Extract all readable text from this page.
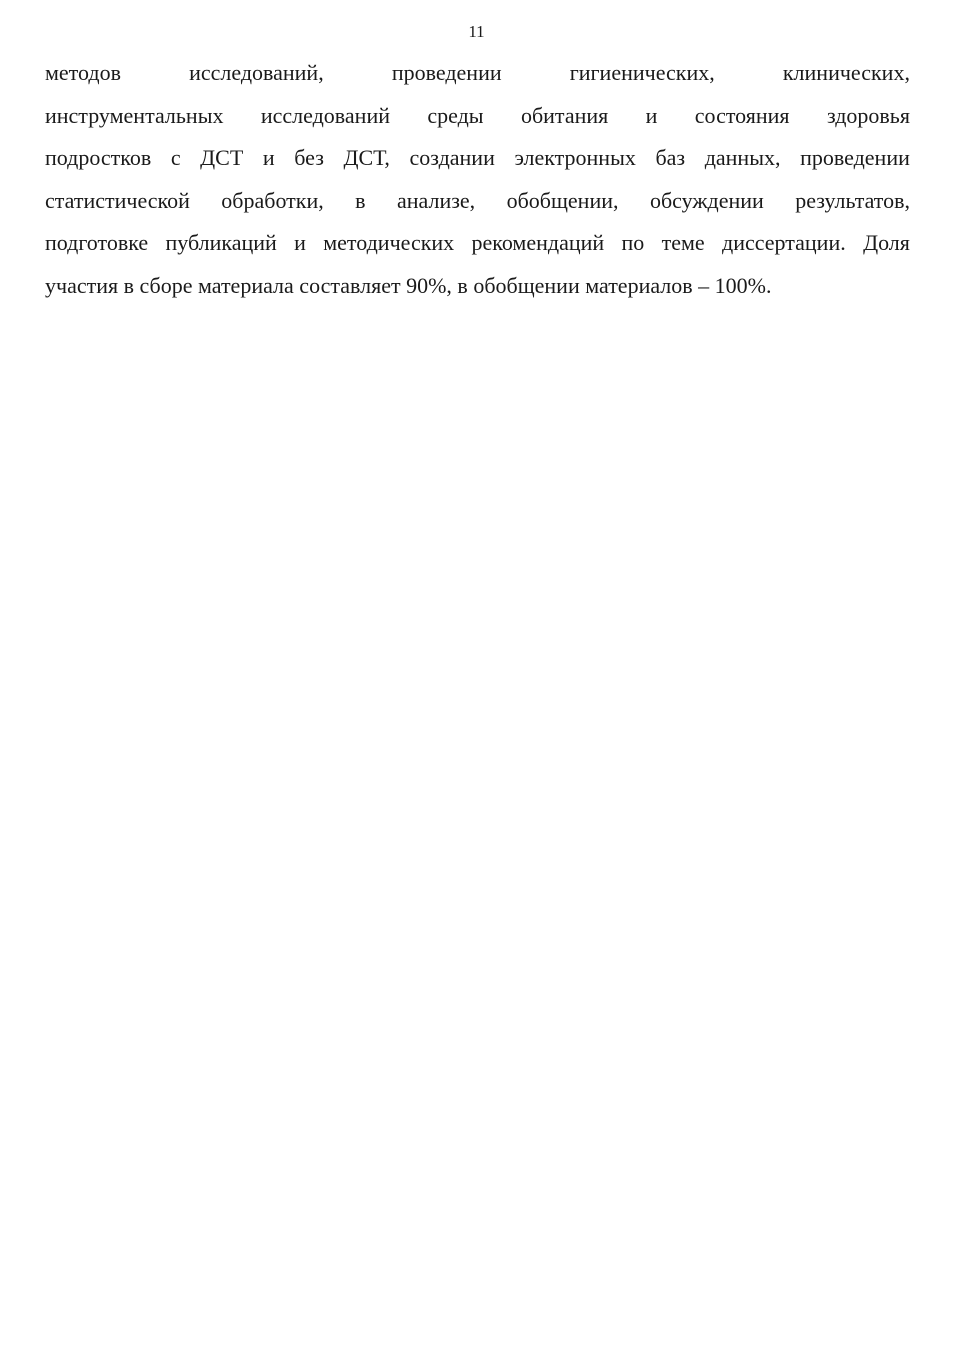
11
методов	исследований,	проведении	гигиенических,	клинических,
инструментальных исследований среды обитания и состояния здоровья
подростков с ДСТ и без ДСТ, создании электронных баз данных, проведении
статистической обработки, в анализе, обобщении, обсуждении результатов,
подготовке публикаций и методических рекомендаций по теме диссертации. Доля
участия в сборе материала составляет 90%, в обобщении материалов – 100%.
